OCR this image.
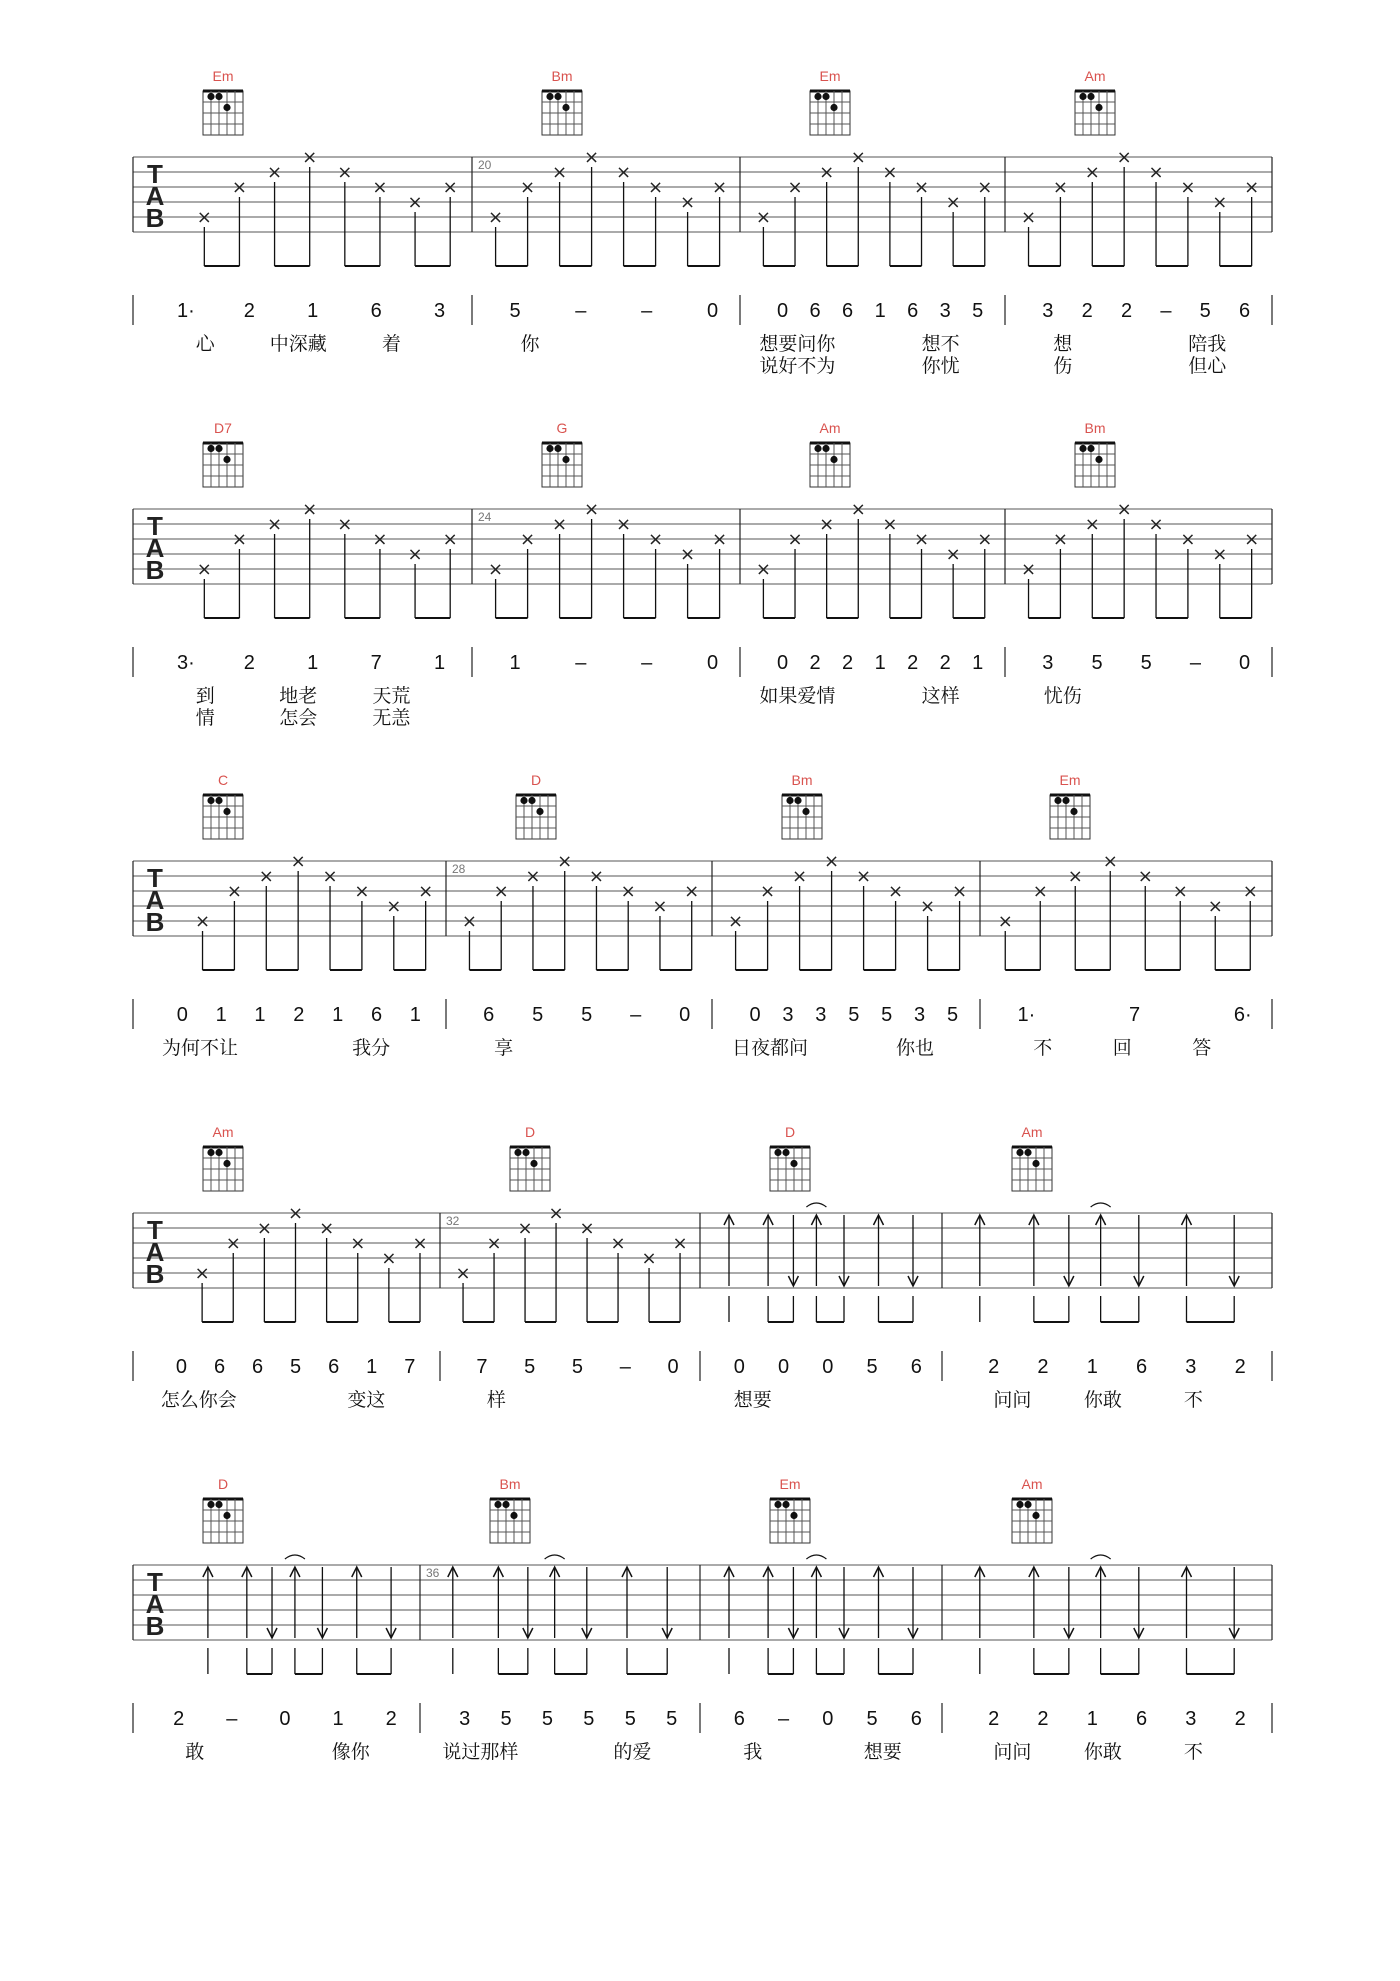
Em	Bm	Em	Am
T
A
B
20
×
×
×
×
×
×
×
×
×
×
×
×
×
×
×
×
×
×
×
×
×
×
×
×
×
×
×
×
×
×
×
×
1· 2	1	6	3
心	中深藏	着
5	–	–	0
你
0 6 6 1 6 3 5
想要问你	想不
说好不为	你忧
3 2 2 – 5 6
想	陪我
伤	但心
D7	G	Am	Bm
T
A
B
24
×
×
×
×
×
×
×
×
×
×
×
×
×
×
×
×
×
×
×
×
×
×
×
×
×
×
×
×
×
×
×
×
3· 2	1	7	1
到	地老	天荒
情	怎会	无恙
1	–	–	0	0 2 2 1 2 2 1
如果爱情	这样
3 5 5 – 0
忧伤
C	D	Bm	Em
T
A
B
28
×
×
×
×
×
×
×
×
×
×
×
×
×
×
×
×
×
×
×
×
×
×
×
×
×
×
×
×
×
×
×
×
0 1 1 2 1 6 1
为何不让	我分
6 5 5 – 0
享
0 3 3 5 5 3 5
日夜都问	你也
1·	7	6·
不	回	答
Am	D	D	Am
T
A
B
32
×
×
×
×
×
×
×
×
×
×
×
×
×
×
×
×
0 6 6 5 6 1 7
怎么你会	变这
7 5 5 – 0
样
0 0 0 5 6
想要
2 2 1 6 3 2
问问	你敢	不
D	Bm	Em	Am
T
A
B
36
2 – 0 1 2
敢	像你
3 5 5 5 5 5
说过那样	的爱
6 – 0 5 6
我	想要
2 2 1 6 3 2
问问	你敢	不
